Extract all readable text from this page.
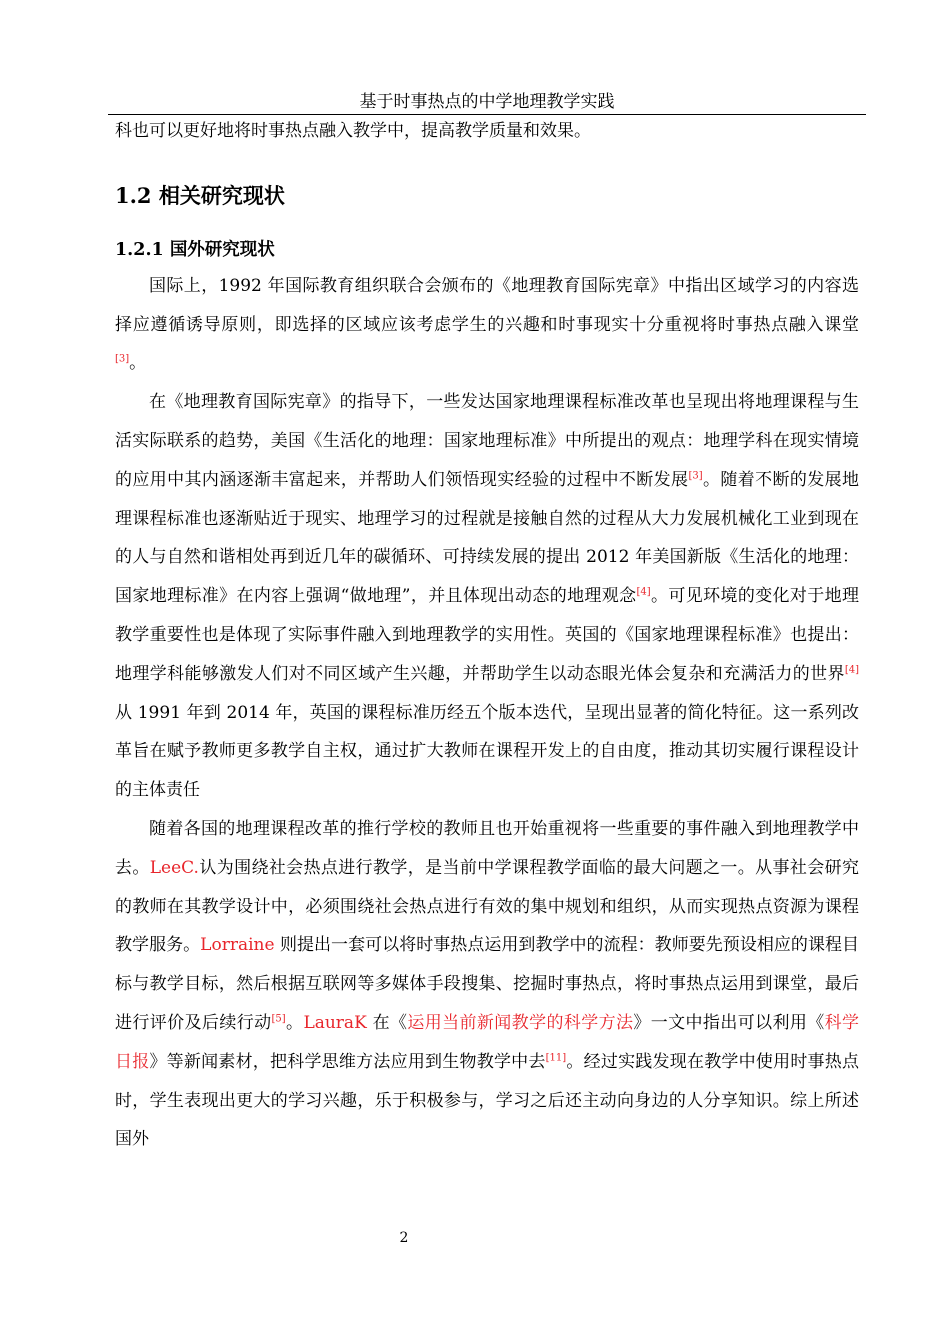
基于时事热点的中学地理教学实践

科也可以更好地将时事热点融入教学中，提高教学质量和效果。

1.2 相关研究现状
1.2.1 国外研究现状

国际上，1992 年国际教育组织联合会颁布的《地理教育国际宪章》中指出区域学习的内容选择应遵循诱导原则，即选择的区域应该考虑学生的兴趣和时事现实十分重视将时事热点融入课堂[3]。

在《地理教育国际宪章》的指导下，一些发达国家地理课程标准改革也呈现出将地理课程与生活实际联系的趋势，美国《生活化的地理：国家地理标准》中所提出的观点：地理学科在现实情境的应用中其内涵逐渐丰富起来，并帮助人们领悟现实经验的过程中不断发展[3]。随着不断的发展地理课程标准也逐渐贴近于现实、地理学习的过程就是接触自然的过程从大力发展机械化工业到现在的人与自然和谐相处再到近几年的碳循环、可持续发展的提出 2012 年美国新版《生活化的地理：国家地理标准》在内容上强调“做地理”，并且体现出动态的地理观念[4]。可见环境的变化对于地理教学重要性也是体现了实际事件融入到地理教学的实用性。英国的《国家地理课程标准》也提出：地理学科能够激发人们对不同区域产生兴趣，并帮助学生以动态眼光体会复杂和充满活力的世界[4]从 1991 年到 2014 年，英国的课程标准历经五个版本迭代，呈现出显著的简化特征。这一系列改革旨在赋予教师更多教学自主权，通过扩大教师在课程开发上的自由度，推动其切实履行课程设计的主体责任

随着各国的地理课程改革的推行学校的教师且也开始重视将一些重要的事件融入到地理教学中去。LeeC.认为围绕社会热点进行教学，是当前中学课程教学面临的最大问题之一。从事社会研究的教师在其教学设计中，必须围绕社会热点进行有效的集中规划和组织，从而实现热点资源为课程教学服务。Lorraine 则提出一套可以将时事热点运用到教学中的流程：教师要先预设相应的课程目标与教学目标，然后根据互联网等多媒体手段搜集、挖掘时事热点，将时事热点运用到课堂，最后进行评价及后续行动[5]。LauraK 在《运用当前新闻教学的科学方法》一文中指出可以利用《科学日报》等新闻素材，把科学思维方法应用到生物教学中去[11]。经过实践发现在教学中使用时事热点时，学生表现出更大的学习兴趣，乐于积极参与，学习之后还主动向身边的人分享知识。综上所述国外

2
